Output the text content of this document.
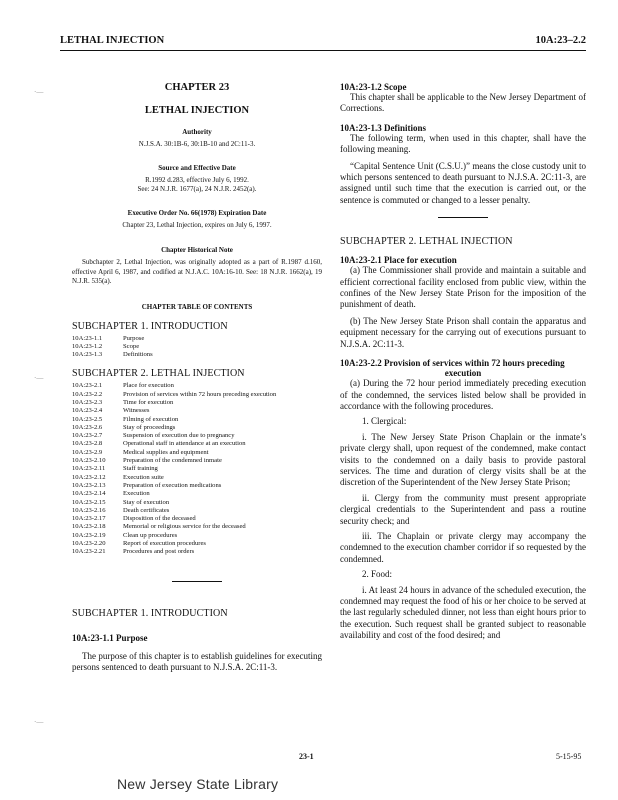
LETHAL INJECTION	10A:23–2.2
·—
·—
·—
CHAPTER 23
LETHAL INJECTION
Authority
N.J.S.A. 30:1B-6, 30:1B-10 and 2C:11-3.
Source and Effective Date
R.1992 d.283, effective July 6, 1992.
See: 24 N.J.R. 1677(a), 24 N.J.R. 2452(a).
Executive Order No. 66(1978) Expiration Date
Chapter 23, Lethal Injection, expires on July 6, 1997.
Chapter Historical Note
Subchapter 2, Lethal Injection, was originally adopted as a part of R.1987 d.160, effective April 6, 1987, and codified at N.J.A.C. 10A:16-10. See: 18 N.J.R. 1662(a), 19 N.J.R. 535(a).
CHAPTER TABLE OF CONTENTS
SUBCHAPTER 1. INTRODUCTION
10A:23-1.1	Purpose
10A:23-1.2	Scope
10A:23-1.3	Definitions
SUBCHAPTER 2. LETHAL INJECTION
10A:23-2.1	Place for execution
10A:23-2.2	Provision of services within 72 hours preceding execution
10A:23-2.3	Time for execution
10A:23-2.4	Witnesses
10A:23-2.5	Filming of execution
10A:23-2.6	Stay of proceedings
10A:23-2.7	Suspension of execution due to pregnancy
10A:23-2.8	Operational staff in attendance at an execution
10A:23-2.9	Medical supplies and equipment
10A:23-2.10	Preparation of the condemned inmate
10A:23-2.11	Staff training
10A:23-2.12	Execution suite
10A:23-2.13	Preparation of execution medications
10A:23-2.14	Execution
10A:23-2.15	Stay of execution
10A:23-2.16	Death certificates
10A:23-2.17	Disposition of the deceased
10A:23-2.18	Memorial or religious service for the deceased
10A:23-2.19	Clean up procedures
10A:23-2.20	Report of execution procedures
10A:23-2.21	Procedures and post orders
SUBCHAPTER 1. INTRODUCTION
10A:23-1.1 Purpose
The purpose of this chapter is to establish guidelines for executing persons sentenced to death pursuant to N.J.S.A. 2C:11-3.
10A:23-1.2 Scope
This chapter shall be applicable to the New Jersey Department of Corrections.
10A:23-1.3 Definitions
The following term, when used in this chapter, shall have the following meaning.
“Capital Sentence Unit (C.S.U.)” means the close custody unit to which persons sentenced to death pursuant to N.J.S.A. 2C:11-3, are assigned until such time that the execution is carried out, or the sentence is commuted or changed to a lesser penalty.
SUBCHAPTER 2. LETHAL INJECTION
10A:23-2.1 Place for execution
(a) The Commissioner shall provide and maintain a suitable and efficient correctional facility enclosed from public view, within the confines of the New Jersey State Prison for the imposition of the punishment of death.
(b) The New Jersey State Prison shall contain the apparatus and equipment necessary for the carrying out of executions pursuant to N.J.S.A. 2C:11-3.
10A:23-2.2 Provision of services within 72 hours preceding
execution
(a) During the 72 hour period immediately preceding execution of the condemned, the services listed below shall be provided in accordance with the following procedures.
1. Clergical:
i. The New Jersey State Prison Chaplain or the inmate’s private clergy shall, upon request of the condemned, make contact visits to the condemned on a daily basis to provide pastoral services. The time and duration of clergy visits shall be at the discretion of the Superintendent of the New Jersey State Prison;
ii. Clergy from the community must present appropriate clergical credentials to the Superintendent and pass a routine security check; and
iii. The Chaplain or private clergy may accompany the condemned to the execution chamber corridor if so requested by the condemned.
2. Food:
i. At least 24 hours in advance of the scheduled execution, the condemned may request the food of his or her choice to be served at the last regularly scheduled dinner, not less than eight hours prior to the execution. Such request shall be granted subject to reasonable availability and cost of the food desired; and
23-1	5-15-95
New Jersey State Library
